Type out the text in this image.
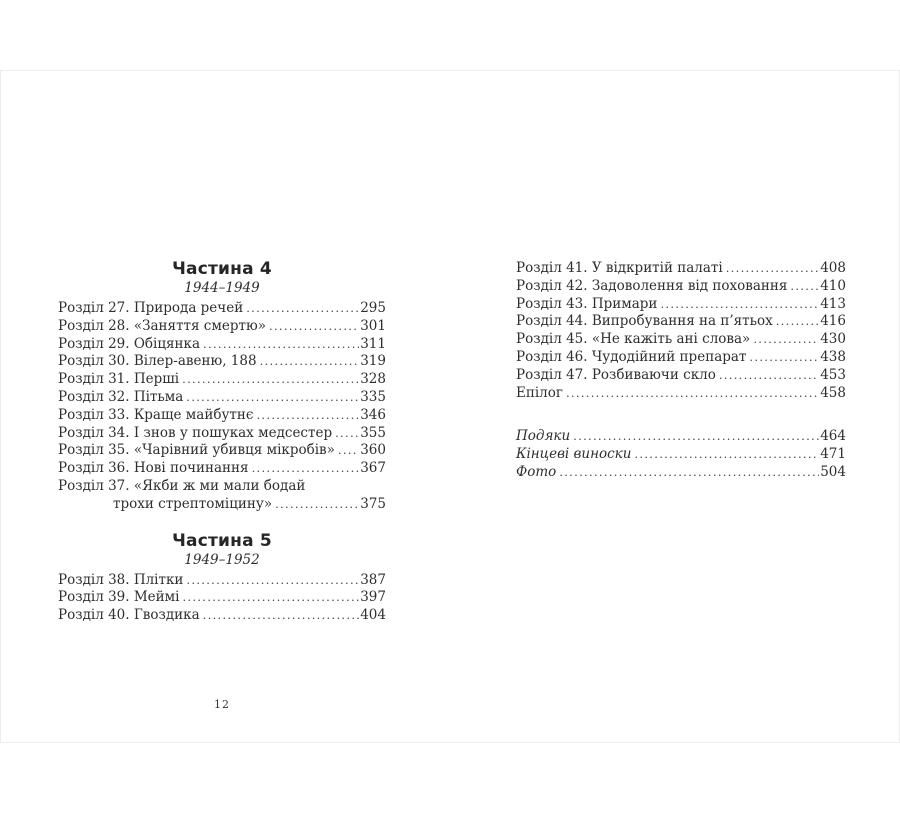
Частина 4
1944–1949
Розділ 27. Природа речей .....	295
Розділ 28. «Заняття смертю» .....	301
Розділ 29. Обіцянка .....	311
Розділ 30. Вілер-авеню, 188 .....	319
Розділ 31. Перші .....	328
Розділ 32. Пітьма .....	335
Розділ 33. Краще майбутнє .....	346
Розділ 34. І знов у пошуках медсестер ..... 355
Розділ 35. «Чарівний убивця мікробів» ..... 360
Розділ 36. Нові починання .....	367
Розділ 37. «Якби ж ми мали бодай
трохи стрептоміцину» .....	375
Частина 5
1949–1952
Розділ 38. Плітки .....	387
Розділ 39. Меймі .....	397
Розділ 40. Гвоздика .....	404
Розділ 41. У відкритій палаті .....	408
Розділ 42. Задоволення від поховання ..... 410
Розділ 43. Примари .....	413
Розділ 44. Випробування на п’ятьох .....	416
Розділ 45. «Не кажіть ані слова» .....	430
Розділ 46. Чудодійний препарат .....	438
Розділ 47. Розбиваючи скло .....	453
Епілог .....	458
Подяки .....	464
Кінцеві виноски .....	471
Фото .....	504
12
